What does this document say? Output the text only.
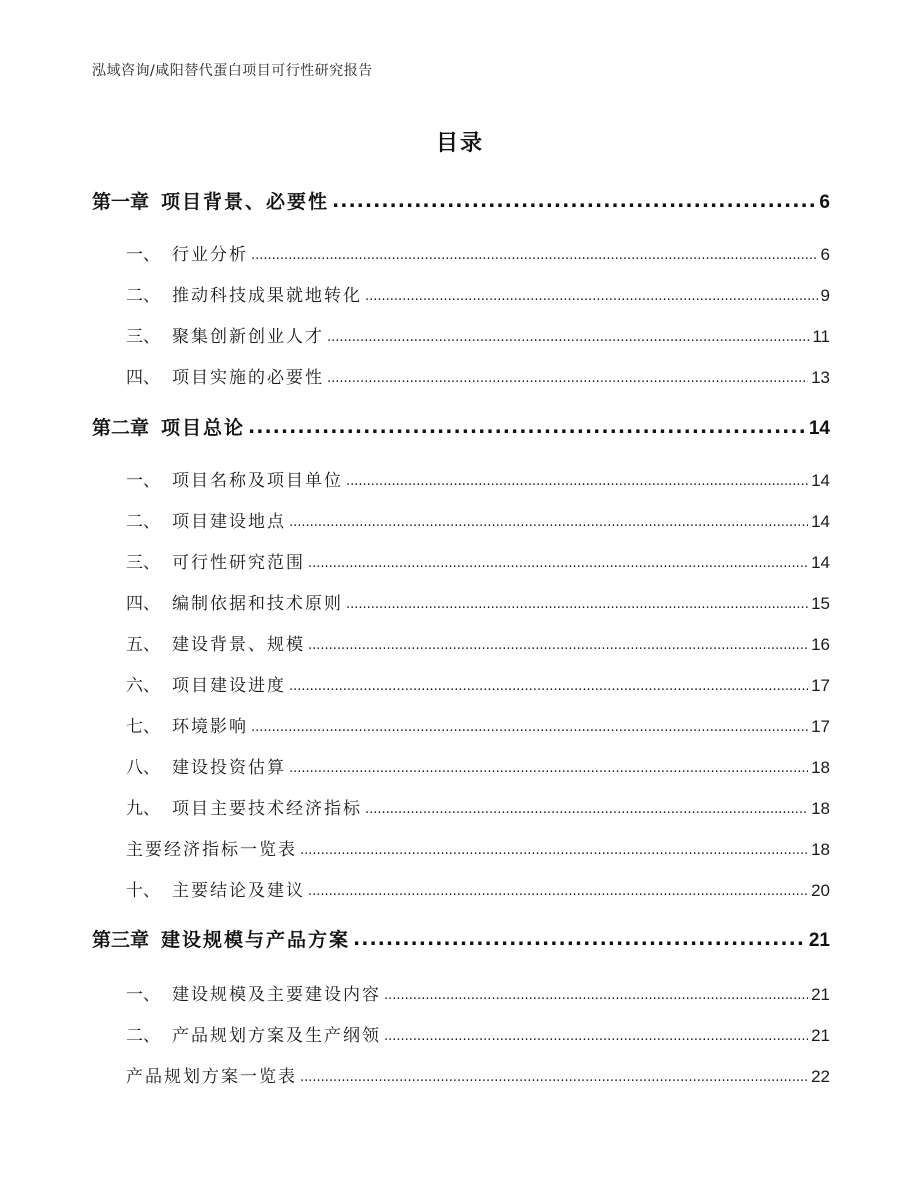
泓域咨询/咸阳替代蛋白项目可行性研究报告
目录
第一章 项目背景、必要性 .....	6
一、 行业分析 .....	6
二、 推动科技成果就地转化 .....	9
三、 聚集创新创业人才 .....	11
四、 项目实施的必要性 .....	13
第二章 项目总论 .....	14
一、 项目名称及项目单位 .....	14
二、 项目建设地点 .....	14
三、 可行性研究范围 .....	14
四、 编制依据和技术原则 .....	15
五、 建设背景、规模 .....	16
六、 项目建设进度 .....	17
七、 环境影响 .....	17
八、 建设投资估算 .....	18
九、 项目主要技术经济指标 .....	18
主要经济指标一览表 .....	18
十、 主要结论及建议 .....	20
第三章 建设规模与产品方案 .....	21
一、 建设规模及主要建设内容 .....	21
二、 产品规划方案及生产纲领 .....	21
产品规划方案一览表 .....	22
